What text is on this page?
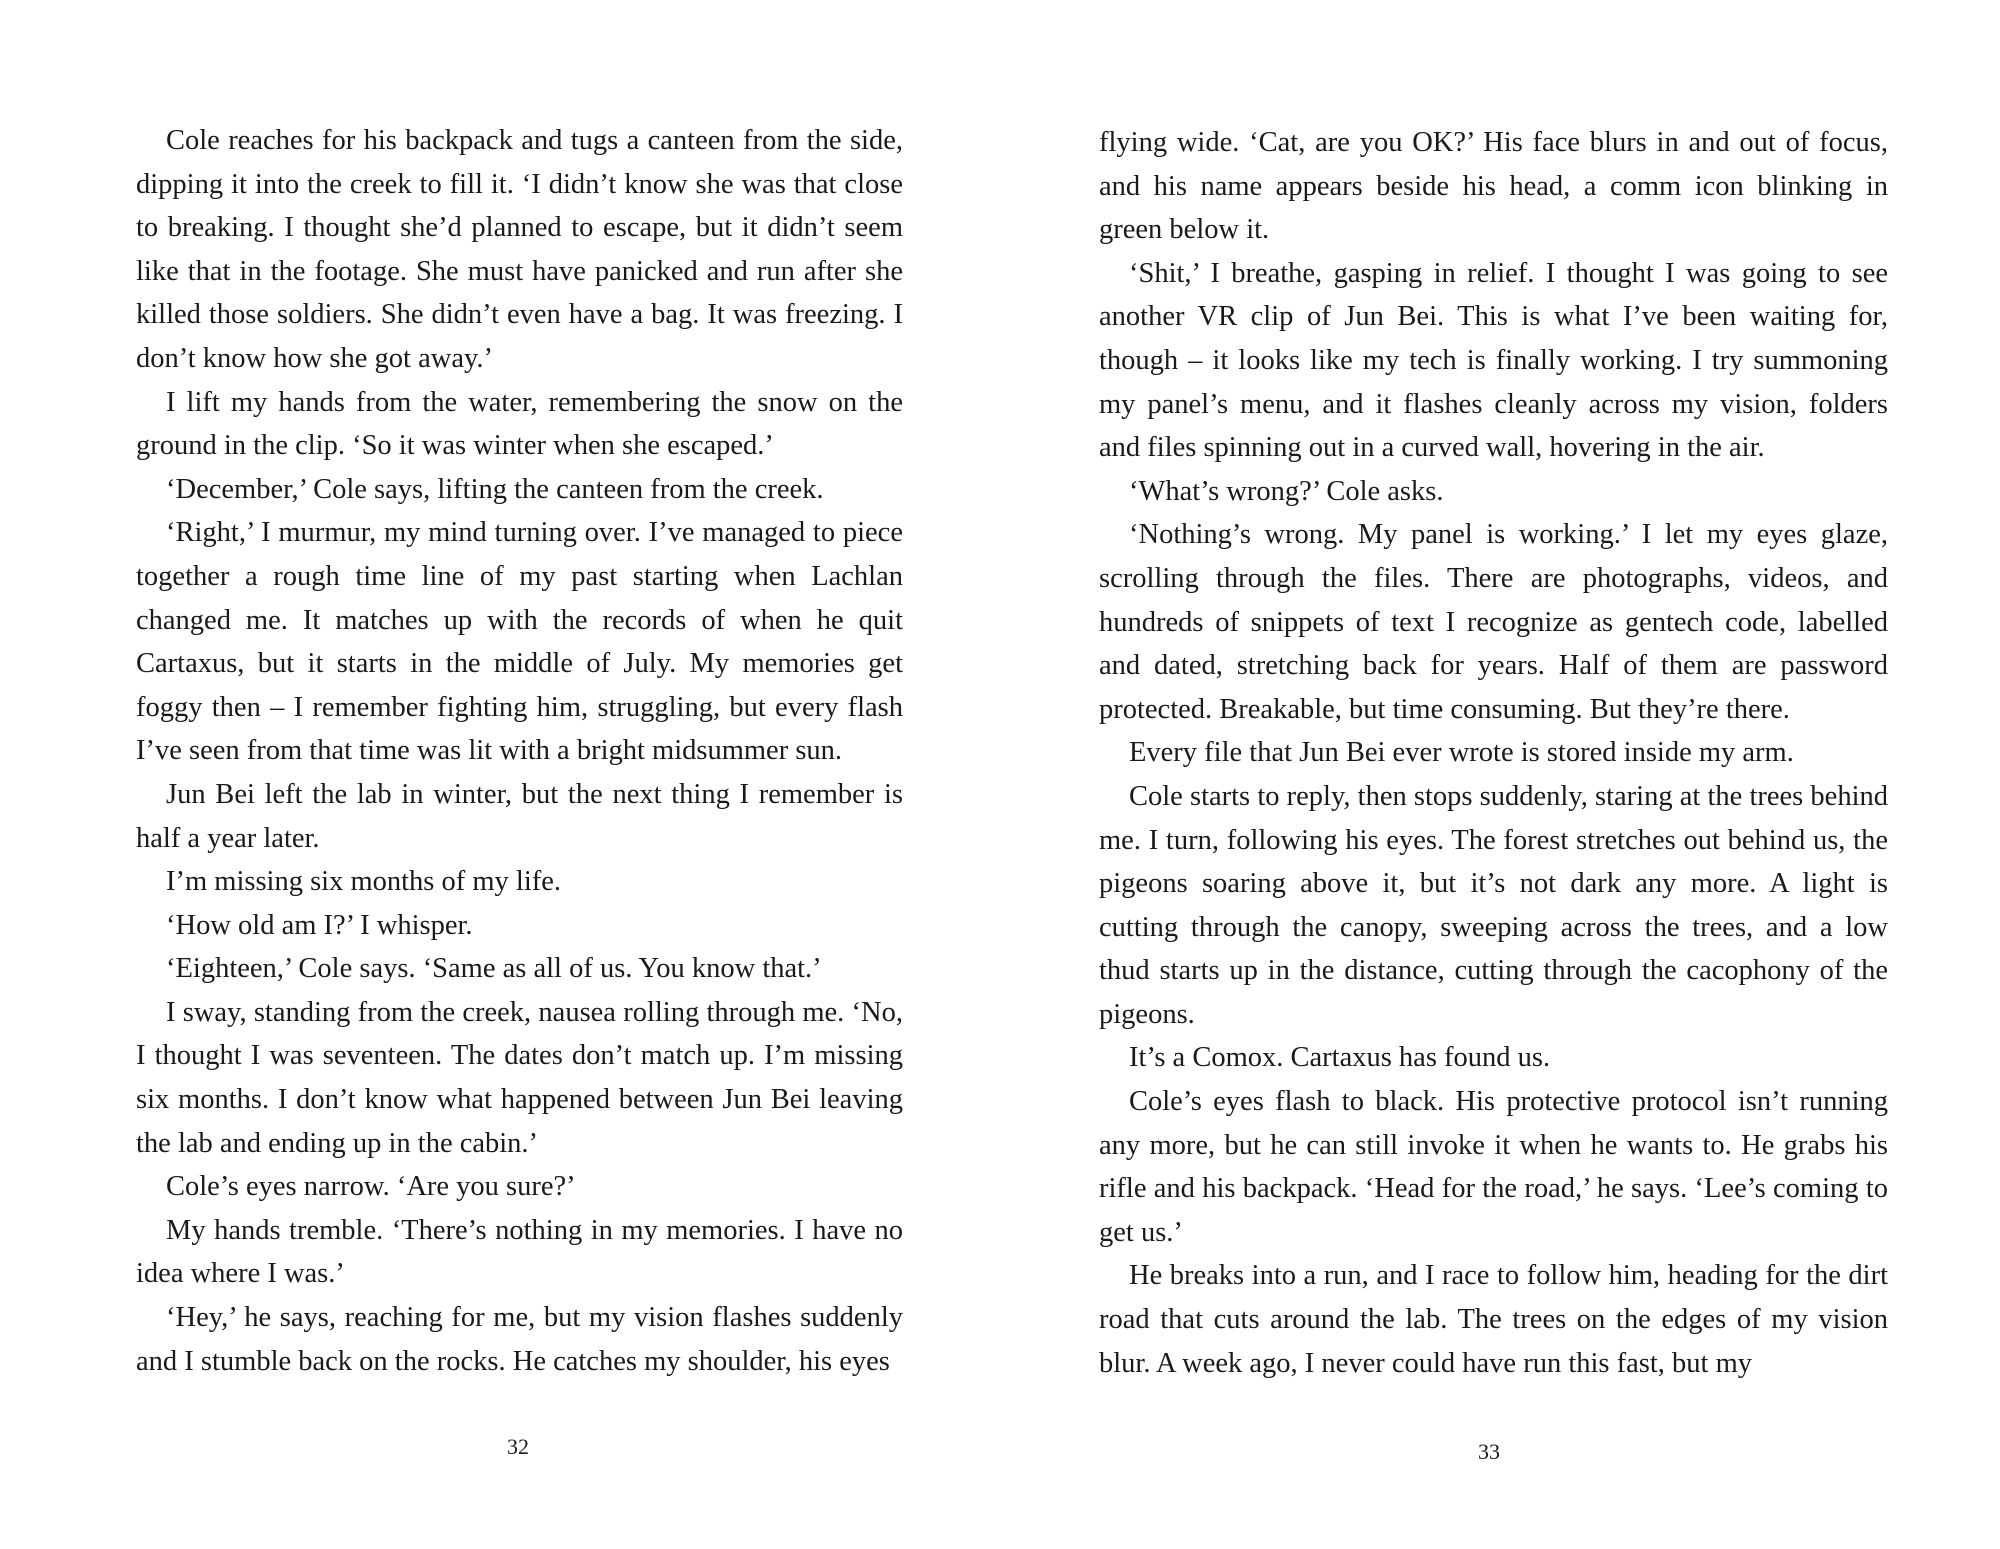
Cole reaches for his backpack and tugs a canteen from the side, dipping it into the creek to fill it. ‘I didn’t know she was that close to breaking. I thought she’d planned to escape, but it didn’t seem like that in the footage. She must have panicked and run after she killed those soldiers. She didn’t even have a bag. It was freezing. I don’t know how she got away.’

I lift my hands from the water, remembering the snow on the ground in the clip. ‘So it was winter when she escaped.’

‘December,’ Cole says, lifting the canteen from the creek.

‘Right,’ I murmur, my mind turning over. I’ve managed to piece together a rough time line of my past starting when Lachlan changed me. It matches up with the records of when he quit Cartaxus, but it starts in the middle of July. My memories get foggy then – I remember fighting him, struggling, but every flash I’ve seen from that time was lit with a bright midsummer sun.

Jun Bei left the lab in winter, but the next thing I remember is half a year later.

I’m missing six months of my life.

‘How old am I?’ I whisper.

‘Eighteen,’ Cole says. ‘Same as all of us. You know that.’

I sway, standing from the creek, nausea rolling through me. ‘No, I thought I was seventeen. The dates don’t match up. I’m missing six months. I don’t know what happened between Jun Bei leaving the lab and ending up in the cabin.’

Cole’s eyes narrow. ‘Are you sure?’

My hands tremble. ‘There’s nothing in my memories. I have no idea where I was.’

‘Hey,’ he says, reaching for me, but my vision flashes suddenly and I stumble back on the rocks. He catches my shoulder, his eyes

32

flying wide. ‘Cat, are you OK?’ His face blurs in and out of focus, and his name appears beside his head, a comm icon blinking in green below it.

‘Shit,’ I breathe, gasping in relief. I thought I was going to see another VR clip of Jun Bei. This is what I’ve been waiting for, though – it looks like my tech is finally working. I try summoning my panel’s menu, and it flashes cleanly across my vision, folders and files spinning out in a curved wall, hovering in the air.

‘What’s wrong?’ Cole asks.

‘Nothing’s wrong. My panel is working.’ I let my eyes glaze, scrolling through the files. There are photographs, videos, and hundreds of snippets of text I recognize as gentech code, labelled and dated, stretching back for years. Half of them are password protected. Breakable, but time consuming. But they’re there.

Every file that Jun Bei ever wrote is stored inside my arm.

Cole starts to reply, then stops suddenly, staring at the trees behind me. I turn, following his eyes. The forest stretches out behind us, the pigeons soaring above it, but it’s not dark any more. A light is cutting through the canopy, sweeping across the trees, and a low thud starts up in the distance, cutting through the cacophony of the pigeons.

It’s a Comox. Cartaxus has found us.

Cole’s eyes flash to black. His protective protocol isn’t running any more, but he can still invoke it when he wants to. He grabs his rifle and his backpack. ‘Head for the road,’ he says. ‘Lee’s coming to get us.’

He breaks into a run, and I race to follow him, heading for the dirt road that cuts around the lab. The trees on the edges of my vision blur. A week ago, I never could have run this fast, but my

33
